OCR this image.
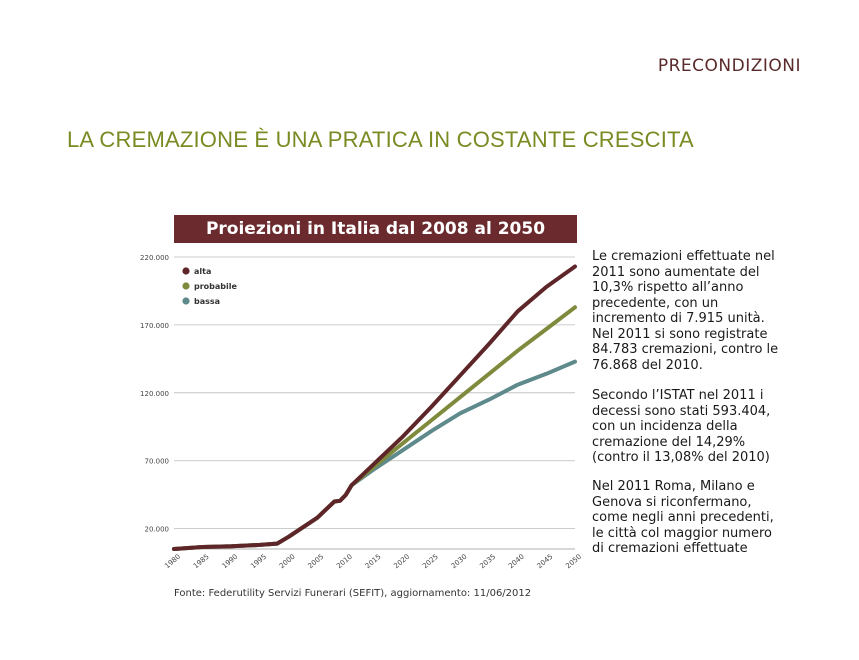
PRECONDIZIONI
LA CREMAZIONE È UNA PRATICA IN COSTANTE CRESCITA
Proiezioni in Italia dal 2008 al 2050
220.000
170.000
120.000
70.000
20.000
1980 1985 1990 1995 2000 2005 2010 2015 2020 2025 2030 2035 2040 2045 2050
alta
probabile
bassa
Le cremazioni effettuate nel 2011 sono aumentate del 10,3% rispetto all’anno precedente, con un incremento di 7.915 unità. Nel 2011 si sono registrate 84.783 cremazioni, contro le 76.868 del 2010.
Secondo l’ISTAT nel 2011 i decessi sono stati 593.404, con un incidenza della cremazione del 14,29% (contro il 13,08% del 2010)
Nel 2011 Roma, Milano e Genova si riconfermano, come negli anni precedenti, le città col maggior numero di cremazioni effettuate
Fonte: Federutility Servizi Funerari (SEFIT), aggiornamento: 11/06/2012
